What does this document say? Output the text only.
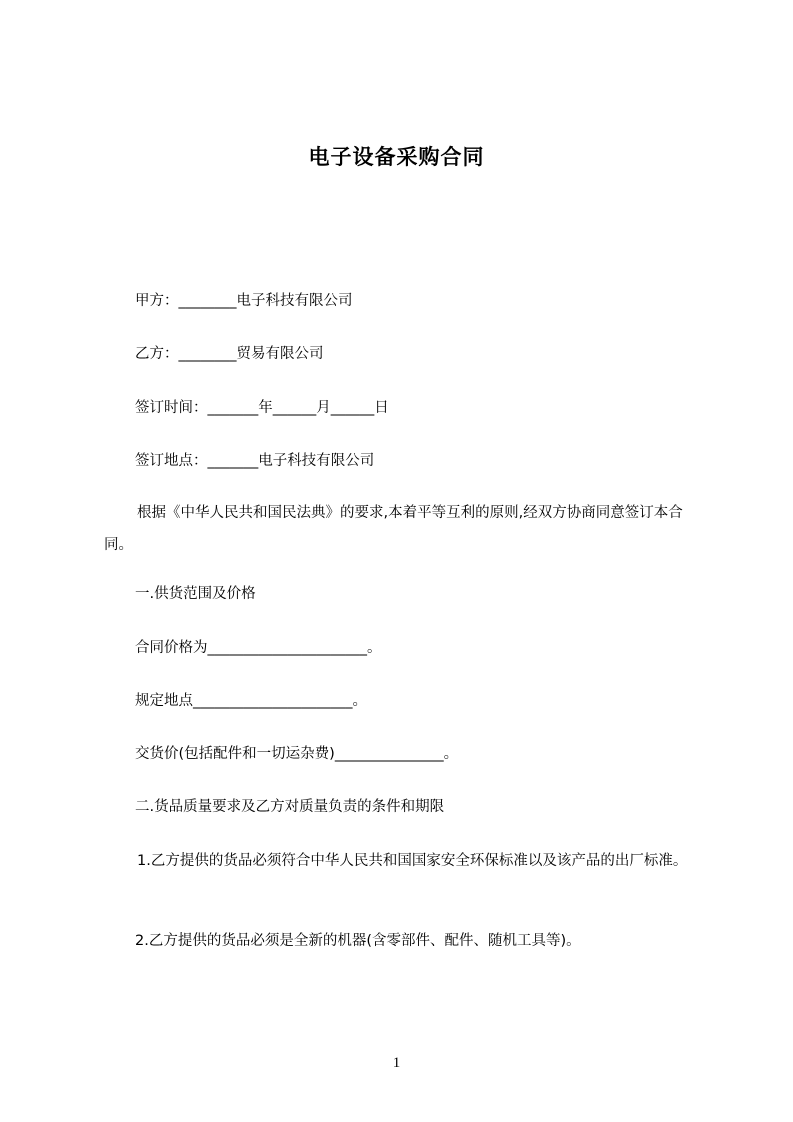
电子设备采购合同
甲方：________电子科技有限公司
乙方：________贸易有限公司
签订时间：_______年______月______日
签订地点：_______电子科技有限公司
根据《中华人民共和国民法典》的要求,本着平等互利的原则,经双方协商同意签订本合同。
一.供货范围及价格
合同价格为______________________。
规定地点______________________。
交货价(包括配件和一切运杂费)_______________。
二.货品质量要求及乙方对质量负责的条件和期限
1.乙方提供的货品必须符合中华人民共和国国家安全环保标准以及该产品的出厂标准。
2.乙方提供的货品必须是全新的机器(含零部件、配件、随机工具等)。
1
